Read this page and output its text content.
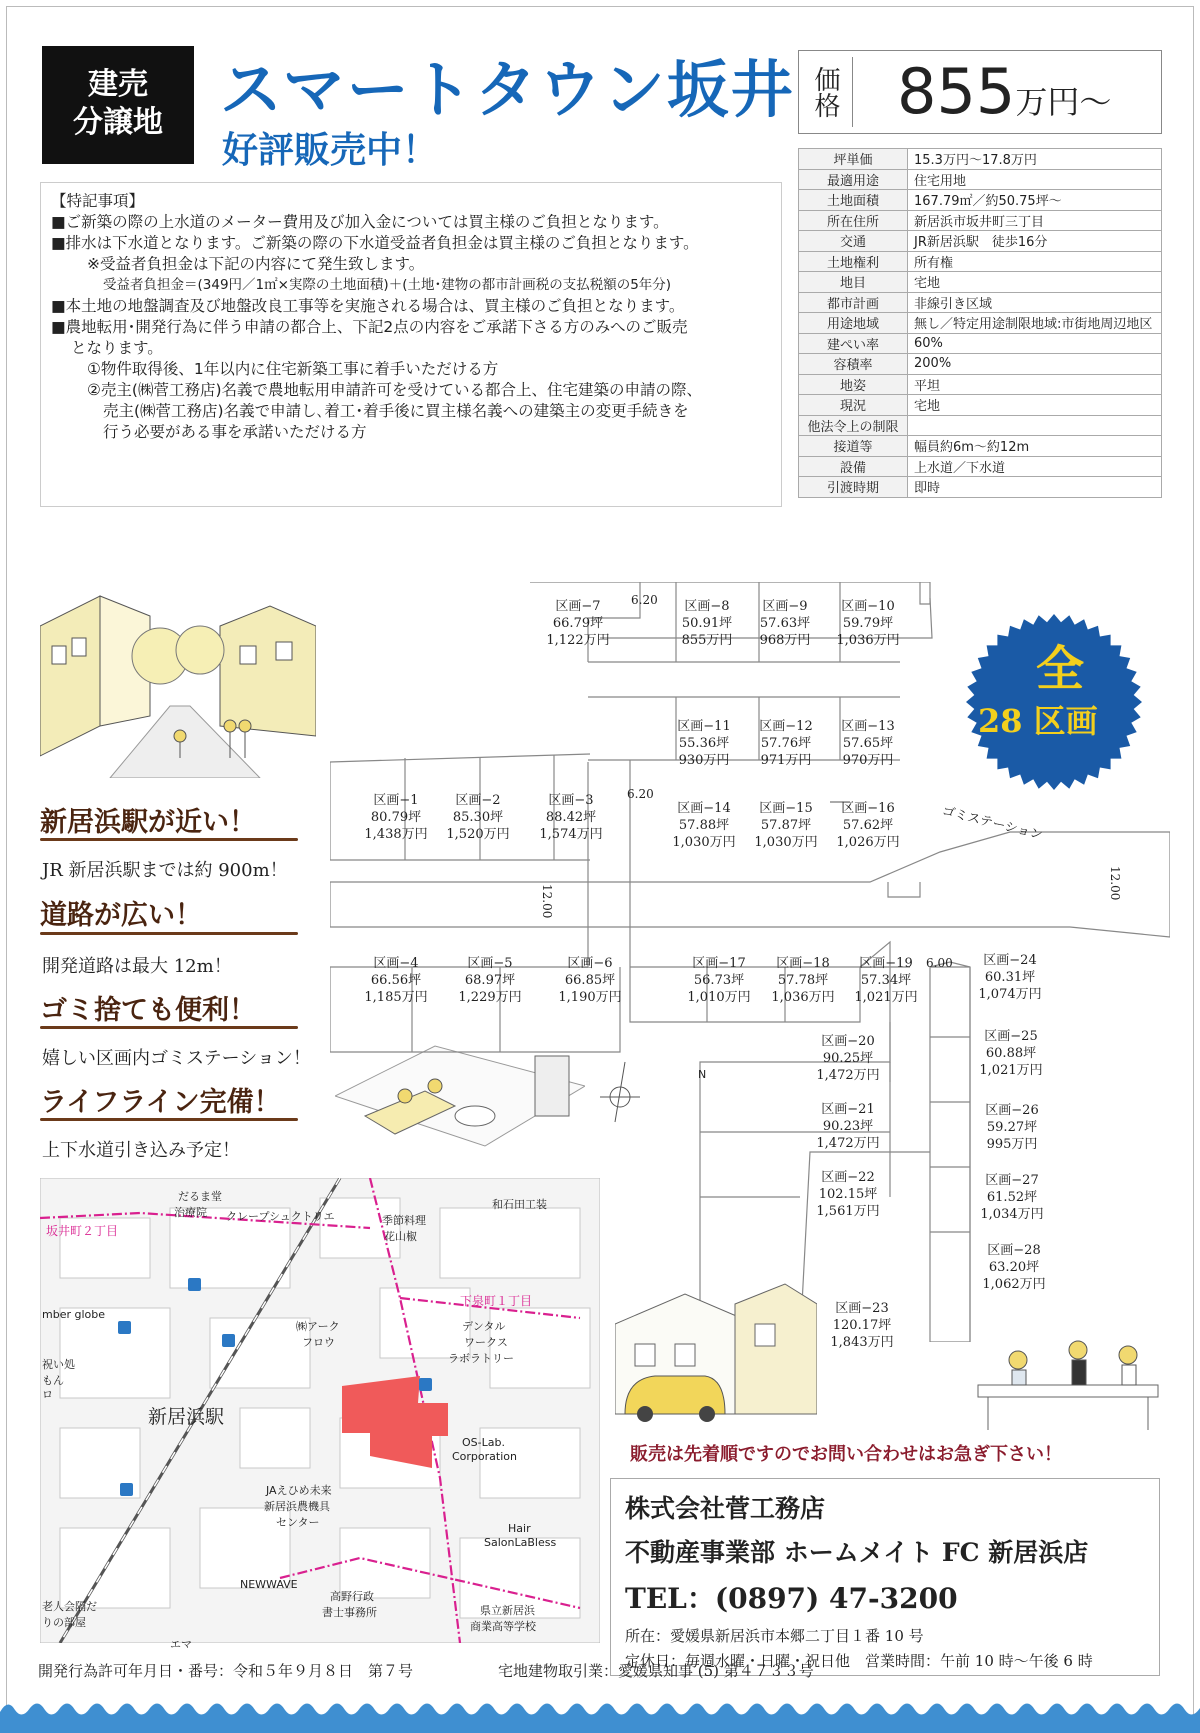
建売
分譲地 スマートタウン坂井
好評販売中！
価格 855万円～
【特記事項】
■ご新築の際の上水道のメーター費用及び加入金については買主様のご負担となります。
■排水は下水道となります。ご新築の際の下水道受益者負担金は買主様のご負担となります。
※受益者負担金は下記の内容にて発生致します。
受益者負担金＝(349円／1㎡×実際の土地面積)＋(土地･建物の都市計画税の支払税額の5年分)
■本土地の地盤調査及び地盤改良工事等を実施される場合は、買主様のご負担となります。
■農地転用･開発行為に伴う申請の都合上、下記2点の内容をご承諾下さる方のみへのご販売
となります。
①物件取得後、1年以内に住宅新築工事に着手いただける方
②売主(㈱菅工務店)名義で農地転用申請許可を受けている都合上、住宅建築の申請の際、
売主(㈱菅工務店)名義で申請し､着工･着手後に買主様名義への建築主の変更手続きを
行う必要がある事を承諾いただける方
坪単価	15.3万円～17.8万円
最適用途	住宅用地
土地面積	167.79㎡／約50.75坪～
所在住所	新居浜市坂井町三丁目
交通	JR新居浜駅　徒歩16分
土地権利	所有権
地目	宅地
都市計画	非線引き区域
用途地域	無し／特定用途制限地域:市街地周辺地区
建ぺい率	60%
容積率	200%
地姿	平坦
現況	宅地
他法令上の制限	
接道等	幅員約6m～約12m
設備	上水道／下水道
引渡時期	即時
新居浜駅が近い！
JR 新居浜駅までは約 900m！
道路が広い！
開発道路は最大 12m！
ゴミ捨ても便利！
嬉しい区画内ゴミステーション！
ライフライン完備！
上下水道引き込み予定！
区画−1
80.79坪
1,438万円
区画−2
85.30坪
1,520万円
区画−3
88.42坪
1,574万円
区画−4
66.56坪
1,185万円
区画−5
68.97坪
1,229万円
区画−6
66.85坪
1,190万円
区画−7
66.79坪
1,122万円
区画−8
50.91坪
855万円
区画−9
57.63坪
968万円
区画−10
59.79坪
1,036万円
区画−11
55.36坪
930万円
区画−12
57.76坪
971万円
区画−13
57.65坪
970万円
区画−14
57.88坪
1,030万円
区画−15
57.87坪
1,030万円
区画−16
57.62坪
1,026万円
区画−17
56.73坪
1,010万円
区画−18
57.78坪
1,036万円
区画−19
57.34坪
1,021万円
区画−20
90.25坪
1,472万円
区画−21
90.23坪
1,472万円
区画−22
102.15坪
1,561万円
区画−23
120.17坪
1,843万円
区画−24
60.31坪
1,074万円
区画−25
60.88坪
1,021万円
区画−26
59.27坪
995万円
区画−27
61.52坪
1,034万円
区画−28
63.20坪
1,062万円
6.20
6.20
12.00
12.00
6.00
ゴミステーション
N
全
28 区画
だるま堂
治療院 クレープシュクトリエ
和石田工装
坂井町２丁目
季節料理
花山椒
下泉町１丁目
mber globe
㈱アーク
フロウ
デンタル
ワークス
ラボラトリー
新居浜駅
OS-Lab.
Corporation
JAえひめ未来
新居浜農機具
センター	Hair
SalonLaBless
NEWWAVE
高野行政
書士事務所	県立新居浜
商業高等学校
老人会隔だ
りの部屋
ロ
祝い処
もん
エマ
販売は先着順ですのでお問い合わせはお急ぎ下さい！
株式会社菅工務店
不動産事業部 ホームメイト FC 新居浜店
TEL：(0897) 47-3200
所在：愛媛県新居浜市本郷二丁目１番 10 号
定休日：毎週水曜・日曜・祝日他　営業時間：午前 10 時～午後 6 時
開発行為許可年月日・番号：令和５年９月８日　第７号	宅地建物取引業：愛媛県知事 (5) 第４７３３号
